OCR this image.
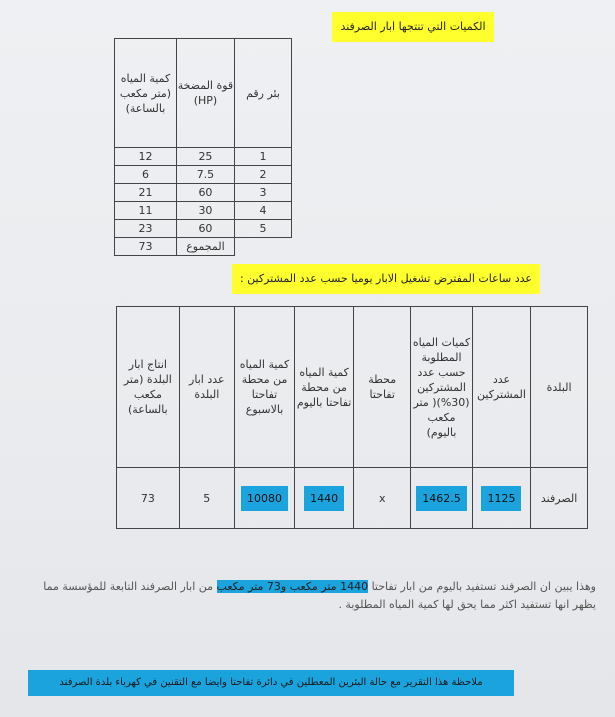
الكميات التي تنتجها ابار الصرفند
بئر رقم	قوة المضخة (HP)	كمية المياه (متر مكعب بالساعة)
1	25	12
2	7.5	6
3	60	21
4	30	11
5	60	23
	المجموع	73
عدد ساعات المفترض تشغيل الابار يوميا حسب عدد المشتركين :
البلدة	عدد المشتركين	كميات المياه المطلوبة حسب عدد المشتركين (30%)( متر مكعب باليوم)	محطة تفاحتا	كمية المياه من محطة تفاحتا باليوم	كمية المياه من محطة تفاحتا بالاسبوع	عدد ابار البلدة	انتاج ابار البلدة (متر مكعب بالساعة)
الصرفند	1125	1462.5	x	1440	10080	5	73
وهذا يبين ان الصرفند تستفيد باليوم من ابار تفاحتا 1440 متر مكعب و73 متر مكعب من ابار الصرفند التابعة للمؤسسة مما يظهر انها تستفيد اكثر مما يحق لها كمية المياه المطلوبة .
ملاحظة هذا التقرير مع حالة البئرين المعطلين في دائرة تفاحتا وايضا مع التقنين في كهرباء بلدة الصرفند
